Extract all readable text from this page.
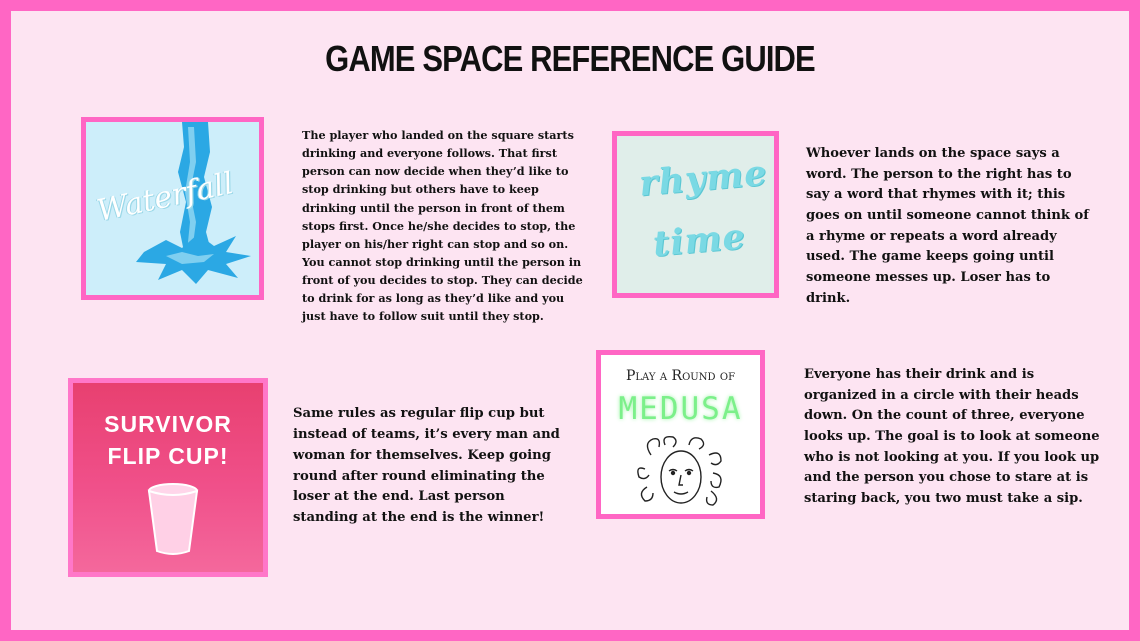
GAME SPACE REFERENCE GUIDE
Waterfall
The player who landed on the square starts drinking and everyone follows. That first person can now decide when they’d like to stop drinking but others have to keep drinking until the person in front of them stops first. Once he/she decides to stop, the player on his/her right can stop and so on. You cannot stop drinking until the person in front of you decides to stop. They can decide to drink for as long as they’d like and you just have to follow suit until they stop.
rhyme
time
Whoever lands on the space says a word. The person to the right has to say a word that rhymes with it; this goes on until someone cannot think of a rhyme or repeats a word already used. The game keeps going until someone messes up. Loser has to drink.
SURVIVOR
FLIP CUP!
Same rules as regular flip cup but instead of teams, it’s every man and woman for themselves. Keep going round after round eliminating the loser at the end. Last person standing at the end is the winner!
Play a Round of
MEDUSA
Everyone has their drink and is organized in a circle with their heads down. On the count of three, everyone looks up. The goal is to look at someone who is not looking at you. If you look up and the person you chose to stare at is staring back, you two must take a sip.
